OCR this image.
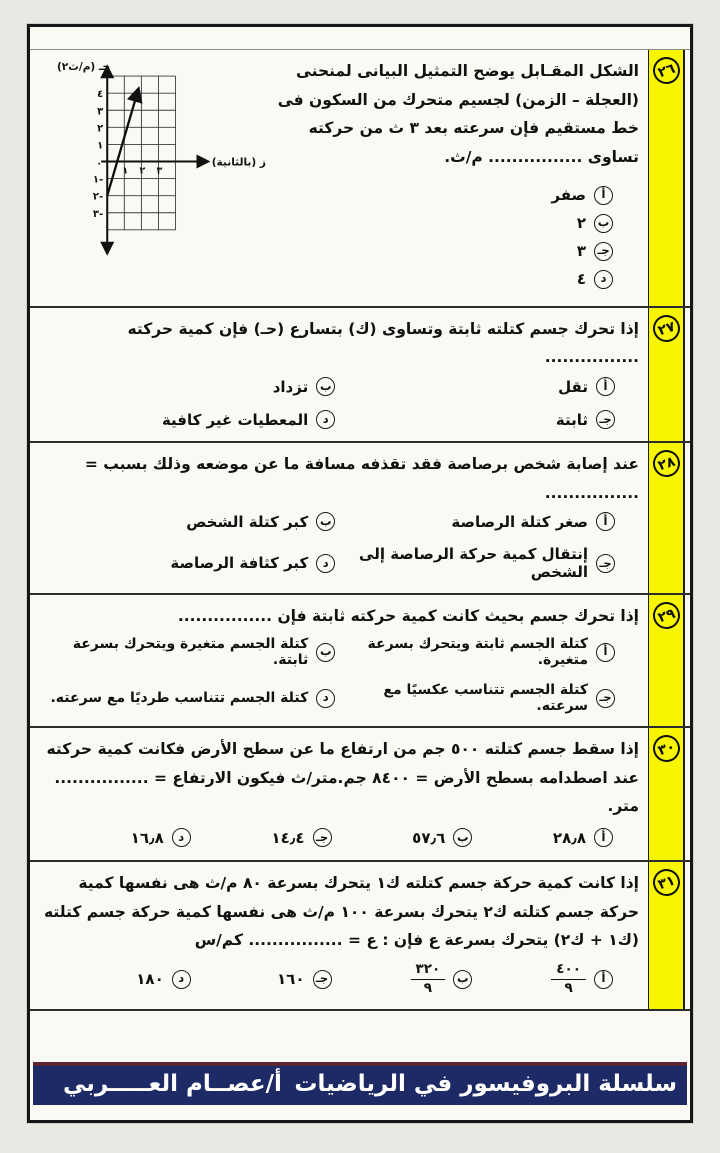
٢٦

الشكل المقـابل يوضح التمثيل البيانى لمنحنى (العجلة – الزمن) لجسيم متحرك من السكون فى خط مستقيم فإن سرعته بعد ٣ ث من حركته تساوى ................ م/ث.

أ
صفر
ب
٢
جـ
٣
د
٤
٤
٣
٢
١
٠
١-
٢-
٣-
١ ٢ ٣
حـ (م/ث٢)
ز (بالثانية)
٢٧

إذا تحرك جسم كتلته ثابتة وتساوى (ك) بتسارع (حـ) فإن كمية حركته ................

أ
تقل
ب
تزداد
جـ
ثابتة
د
المعطيات غير كافية
٢٨

عند إصابة شخص برصاصة فقد تقذفه مسافة ما عن موضعه وذلك بسبب = ................

أ
صغر كتلة الرصاصة
ب
كبر كتلة الشخص
جـ
إنتقال كمية حركة الرصاصة إلى الشخص
د
كبر كثافة الرصاصة
٢٩

إذا تحرك جسم بحيث كانت كمية حركته ثابتة فإن ................

أ
كتلة الجسم ثابتة ويتحرك بسرعة متغيرة.
ب
كتلة الجسم متغيرة ويتحرك بسرعة ثابتة.
جـ
كتلة الجسم تتناسب عكسيًا مع سرعته.
د
كتلة الجسم تتناسب طرديًا مع سرعته.
٣٠

إذا سقط جسم كتلته ٥٠٠ جم من ارتفاع ما عن سطح الأرض فكانت كمية حركته عند اصطدامه بسطح الأرض = ٨٤٠٠ جم.متر/ث فيكون الارتفاع = ................ متر.

أ
٢٨٫٨
ب
٥٧٫٦
جـ
١٤٫٤
د
١٦٫٨
٣١

إذا كانت كمية حركة جسم كتلته ك١ يتحرك بسرعة ٨٠ م/ث هى نفسها كمية حركة جسم كتلته ك٢ يتحرك بسرعة ١٠٠ م/ث هى نفسها كمية حركة جسم كتلته (ك١ + ك٢) يتحرك بسرعة ع فإن : ع = ................ كم/س

أ
$\frac{٤٠٠}{٩}$
ب
$\frac{٣٢٠}{٩}$
جـ
١٦٠
د
١٨٠
سلسلة البروفيسور في الرياضيات
أ/عصــام العـــــربي
